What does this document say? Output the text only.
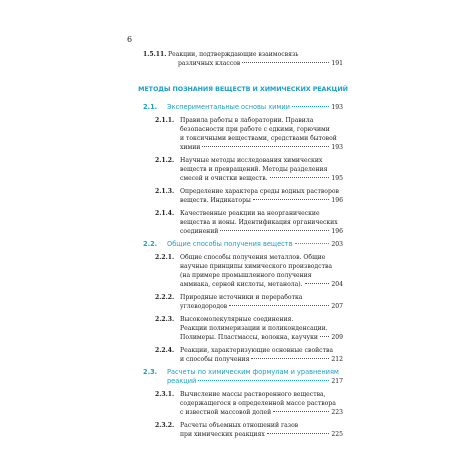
6
1.5.11. Реакции, подтверждающие взаимосвязь
различных классов	191
МЕТОДЫ ПОЗНАНИЯ ВЕЩЕСТВ И ХИМИЧЕСКИХ РЕАКЦИЙ
2.1.	Экспериментальные основы химии	193
2.1.1. Правила работы в лаборатории. Правила
безопасности при работе с едкими, горючими
и токсичными веществами, средствами бытовой
химии	193
2.1.2. Научные методы исследования химических
веществ и превращений. Методы разделения
смесей и очистки веществ.	195
2.1.3. Определение характера среды водных растворов
веществ. Индикаторы	196
2.1.4. Качественные реакции на неорганические
вещества и ионы. Идентификация органических
соединений	196
2.2.	Общие способы получения веществ	203
2.2.1. Общие способы получения металлов. Общие
научные принципы химического производства
(на примере промышленного получения
аммиака, серной кислоты, метанола).	204
2.2.2. Природные источники и переработка
углеводородов	207
2.2.3. Высокомолекулярные соединения.
Реакции полимеризации и поликонденсации.
Полимеры. Пластмассы, волокна, каучуки 209
2.2.4. Реакции, характеризующие основные свойства
и способы получения	212
2.3.	Расчеты по химическим формулам и уравнениям
реакций	217
2.3.1. Вычисление массы растворенного вещества,
содержащегося в определенной массе раствора
с известной массовой долей	223
2.3.2. Расчеты объемных отношений газов
при химических реакциях	225
